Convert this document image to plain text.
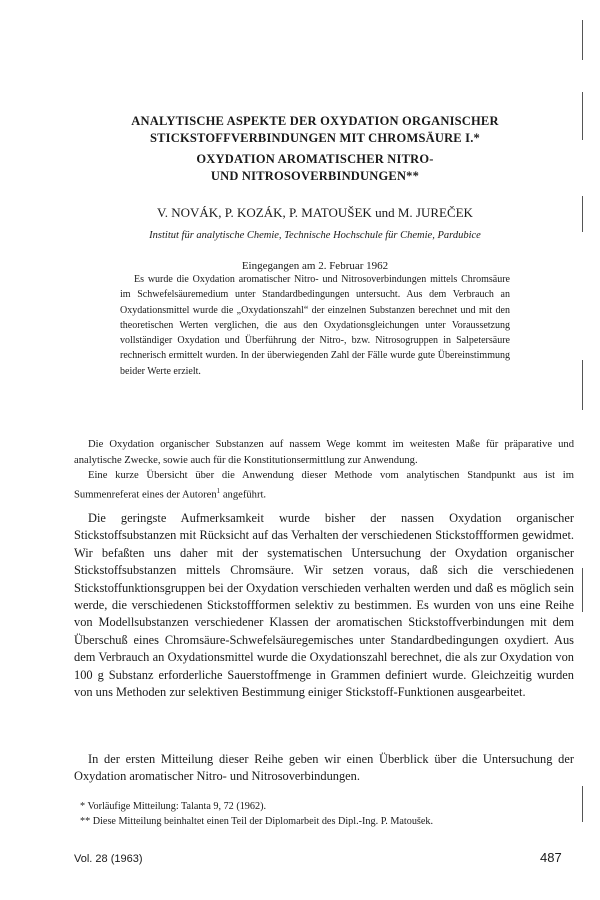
ANALYTISCHE ASPEKTE DER OXYDATION ORGANISCHER
STICKSTOFFVERBINDUNGEN MIT CHROMSÄURE I.*
OXYDATION AROMATISCHER NITRO-
UND NITROSOVERBINDUNGEN**
V. NOVÁK, P. KOZÁK, P. MATOUŠEK und M. JUREČEK
Institut für analytische Chemie, Technische Hochschule für Chemie, Pardubice
Eingegangen am 2. Februar 1962

Es wurde die Oxydation aromatischer Nitro- und Nitrosoverbindungen mittels Chromsäure im Schwefelsäuremedium unter Standardbedingungen untersucht. Aus dem Verbrauch an Oxydationsmittel wurde die „Oxydationszahl“ der einzelnen Substanzen berechnet und mit den theoretischen Werten verglichen, die aus den Oxydationsgleichungen unter Voraussetzung vollständiger Oxydation und Überführung der Nitro-, bzw. Nitrosogruppen in Salpetersäure rechnerisch ermittelt wurden. In der überwiegenden Zahl der Fälle wurde gute Übereinstimmung beider Werte erzielt.

Die Oxydation organischer Substanzen auf nassem Wege kommt im weitesten Maße für präparative und analytische Zwecke, sowie auch für die Konstitutionsermittlung zur Anwendung.

Eine kurze Übersicht über die Anwendung dieser Methode vom analytischen Standpunkt aus ist im Summenreferat eines der Autoren$^1$ angeführt.

Die geringste Aufmerksamkeit wurde bisher der nassen Oxydation organischer Stickstoffsubstanzen mit Rücksicht auf das Verhalten der verschiedenen Stickstoffformen gewidmet. Wir befaßten uns daher mit der systematischen Untersuchung der Oxydation organischer Stickstoffsubstanzen mittels Chromsäure. Wir setzen voraus, daß sich die verschiedenen Stickstoffunktionsgruppen bei der Oxydation verschieden verhalten werden und daß es möglich sein werde, die verschiedenen Stickstoffformen selektiv zu bestimmen. Es wurden von uns eine Reihe von Modellsubstanzen verschiedener Klassen der aromatischen Stickstoffverbindungen mit dem Überschuß eines Chromsäure-Schwefelsäuregemisches unter Standardbedingungen oxydiert. Aus dem Verbrauch an Oxydationsmittel wurde die Oxydationszahl berechnet, die als zur Oxydation von 100 g Substanz erforderliche Sauerstoffmenge in Grammen definiert wurde. Gleichzeitig wurden von uns Methoden zur selektiven Bestimmung einiger Stickstoff-Funktionen ausgearbeitet.

In der ersten Mitteilung dieser Reihe geben wir einen Überblick über die Untersuchung der Oxydation aromatischer Nitro- und Nitrosoverbindungen.

* Vorläufige Mitteilung: Talanta 9, 72 (1962).
** Diese Mitteilung beinhaltet einen Teil der Diplomarbeit des Dipl.-Ing. P. Matoušek.
Vol. 28 (1963)	487
